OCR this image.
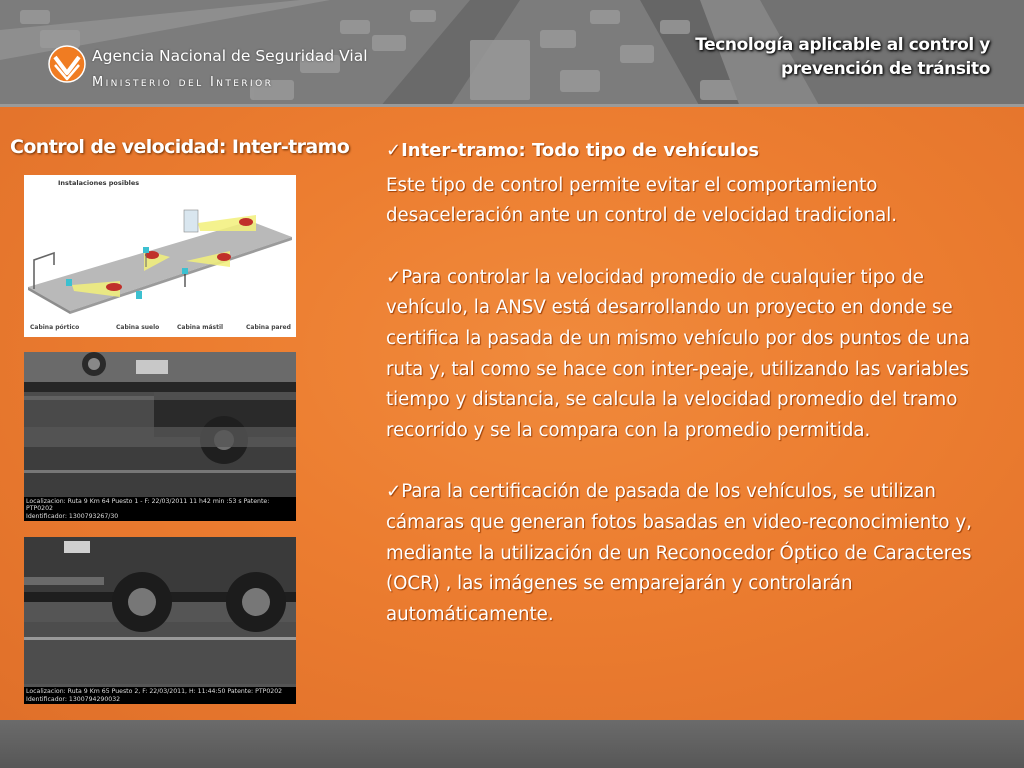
Agencia Nacional de Seguridad Vial
Ministerio del Interior
Tecnología aplicable al control y prevención de tránsito
Control de velocidad: Inter-tramo
Instalaciones posibles
Cabina pórtico	Cabina suelo	Cabina mástil	Cabina pared
Localizacion: Ruta 9 Km 64 Puesto 1 - F: 22/03/2011 11 h42 min :53 s Patente: PTP0202
Identificador: 1300793267/30
Localizacion: Ruta 9 Km 65 Puesto 2, F: 22/03/2011, H: 11:44:50 Patente: PTP0202
Identificador: 1300794290032

✓Inter-tramo: Todo tipo de vehículos

Este tipo de control permite evitar el comportamiento desaceleración ante un control de velocidad tradicional.

✓Para controlar la velocidad promedio de cualquier tipo de vehículo, la ANSV está desarrollando un proyecto en donde se certifica la pasada de un mismo vehículo por dos puntos de una ruta y, tal como se hace con inter-peaje, utilizando las variables tiempo y distancia, se calcula la velocidad promedio del tramo recorrido y se la compara con la promedio permitida.

✓Para la certificación de pasada de los vehículos, se utilizan cámaras que generan fotos basadas en video-reconocimiento y, mediante la utilización de un Reconocedor Óptico de Caracteres (OCR) , las imágenes se emparejarán y controlarán automáticamente.
